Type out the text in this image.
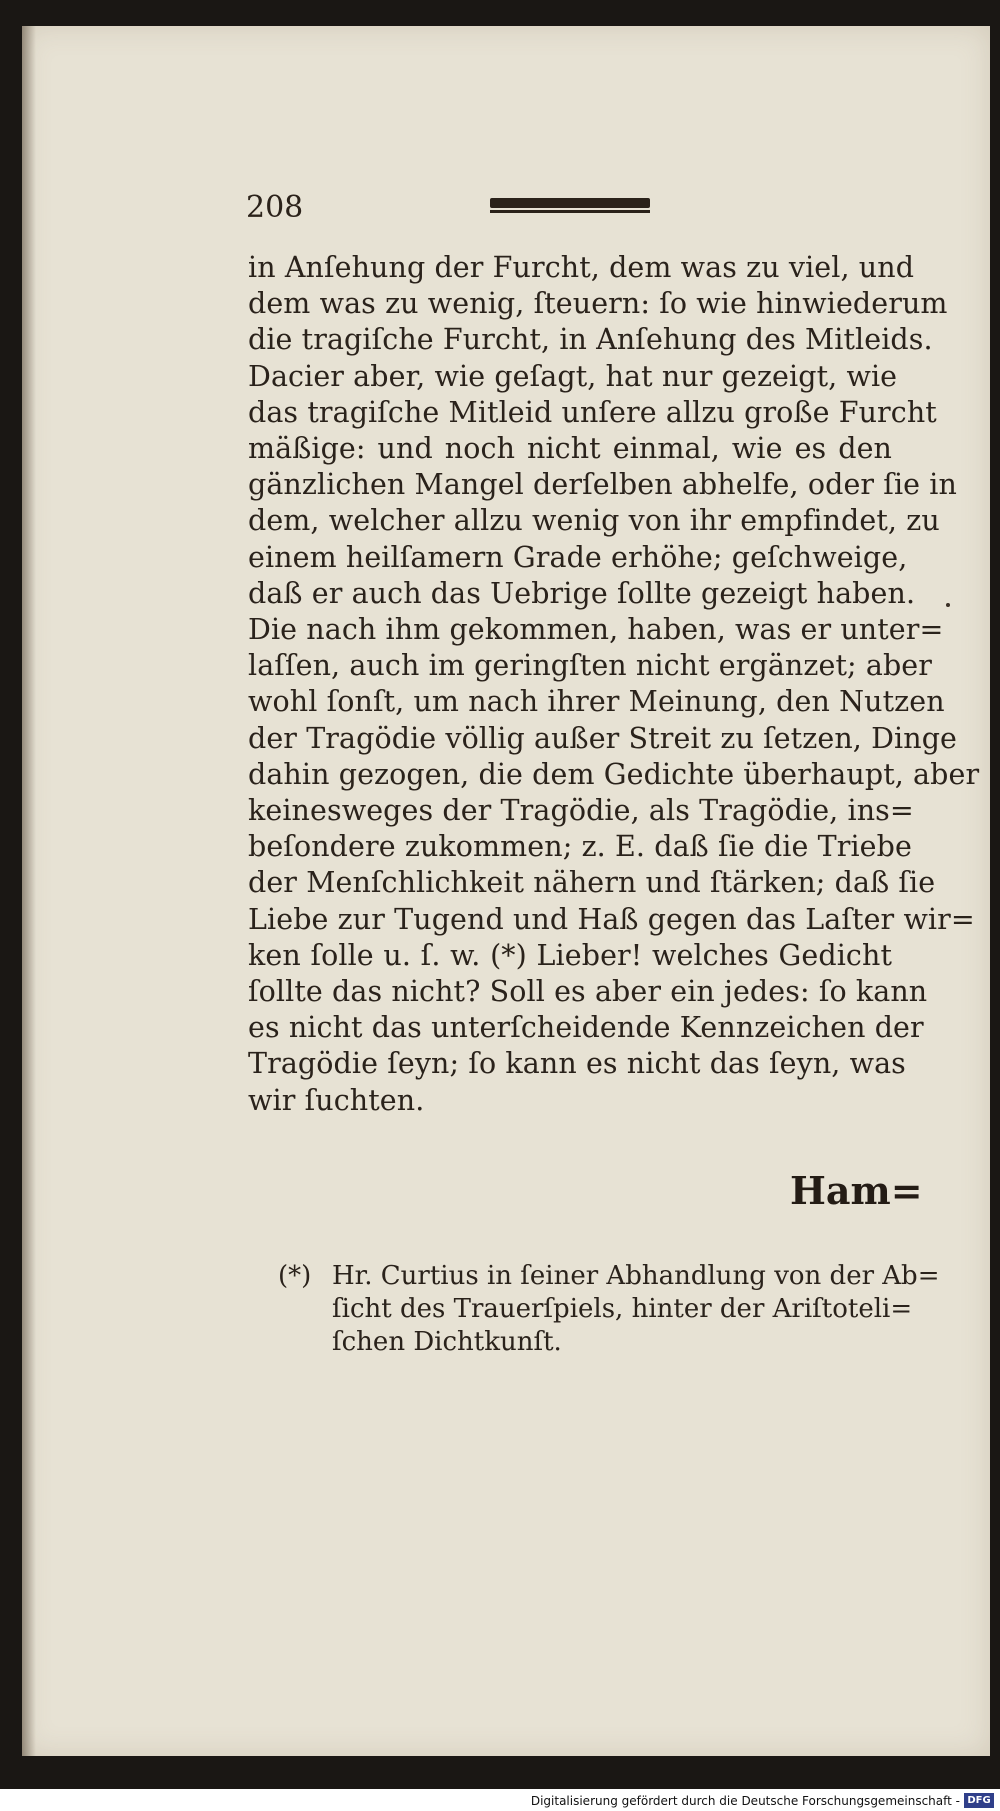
208
in Anſehung der Furcht, dem was zu viel, und
dem was zu wenig, ſteuern: ſo wie hinwiederum
die tragiſche Furcht, in Anſehung des Mitleids.
Dacier aber, wie geſagt, hat nur gezeigt, wie
das tragiſche Mitleid unſere allzu große Furcht
mäßige: und noch nicht einmal, wie es den
gänzlichen Mangel derſelben abhelfe, oder ſie in
dem, welcher allzu wenig von ihr empfindet, zu
einem heilſamern Grade erhöhe; geſchweige,
daß er auch das Uebrige ſollte gezeigt haben.
Die nach ihm gekommen, haben, was er unter=
laſſen, auch im geringſten nicht ergänzet; aber
wohl ſonſt, um nach ihrer Meinung, den Nutzen
der Tragödie völlig außer Streit zu ſetzen, Dinge
dahin gezogen, die dem Gedichte überhaupt, aber
keinesweges der Tragödie, als Tragödie, ins=
beſondere zukommen; z. E. daß ſie die Triebe
der Menſchlichkeit nähern und ſtärken; daß ſie
Liebe zur Tugend und Haß gegen das Laſter wir=
ken ſolle u. ſ. w. (*) Lieber! welches Gedicht
ſollte das nicht? Soll es aber ein jedes: ſo kann
es nicht das unterſcheidende Kennzeichen der
Tragödie ſeyn; ſo kann es nicht das ſeyn, was
wir ſuchten.
Ham=
(*) Hr. Curtius in ſeiner Abhandlung von der Ab=
ſicht des Trauerſpiels, hinter der Ariſtoteli=
ſchen Dichtkunſt.
Digitalisierung gefördert durch die Deutsche Forschungsgemeinschaft - DFG
